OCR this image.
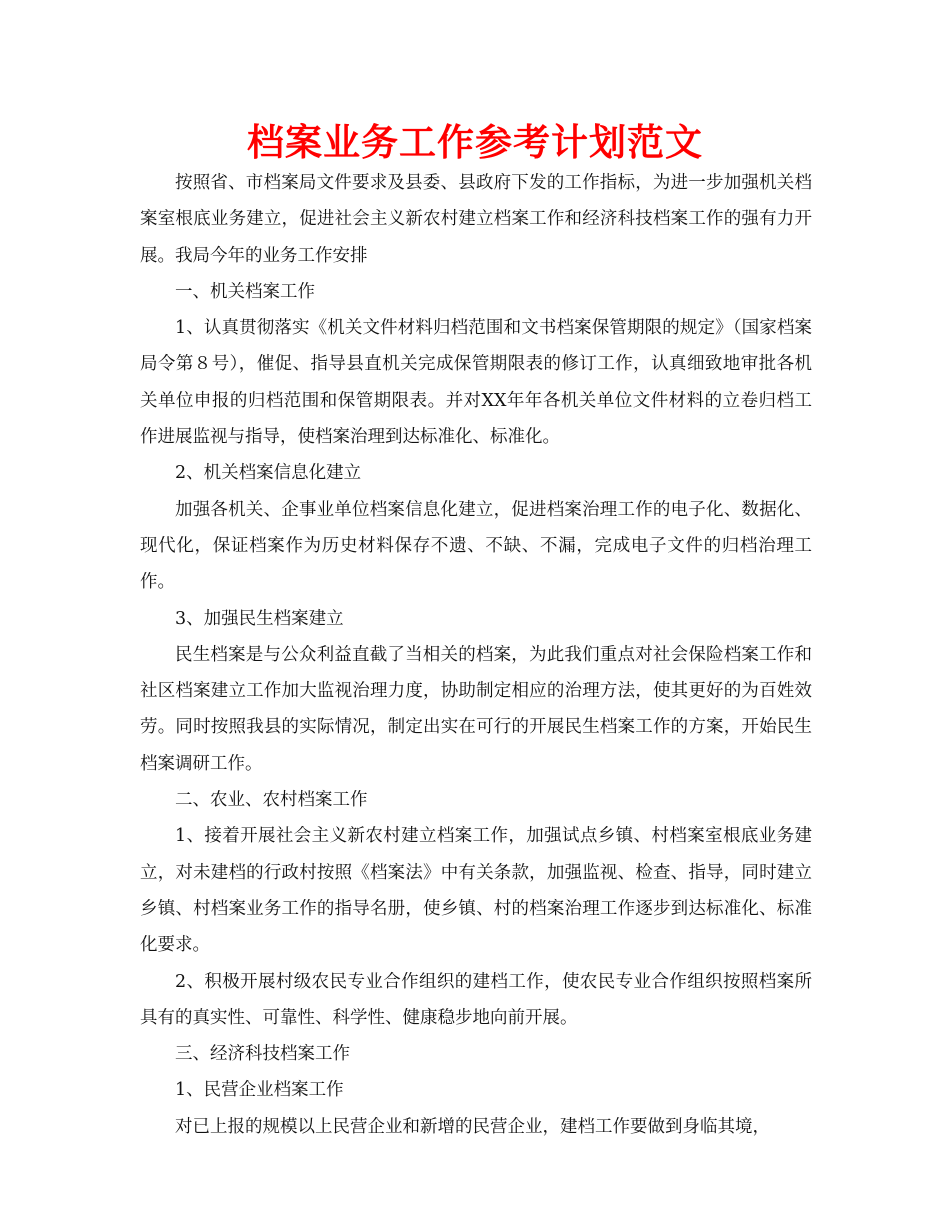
档案业务工作参考计划范文

按照省、市档案局文件要求及县委、县政府下发的工作指标，为进一步加强机关档案室根底业务建立，促进社会主义新农村建立档案工作和经济科技档案工作的强有力开展。我局今年的业务工作安排

一、机关档案工作

1、认真贯彻落实《机关文件材料归档范围和文书档案保管期限的规定》（国家档案局令第８号），催促、指导县直机关完成保管期限表的修订工作，认真细致地审批各机关单位申报的归档范围和保管期限表。并对XX年年各机关单位文件材料的立卷归档工作进展监视与指导，使档案治理到达标准化、标准化。

2、机关档案信息化建立

加强各机关、企事业单位档案信息化建立，促进档案治理工作的电子化、数据化、现代化，保证档案作为历史材料保存不遗、不缺、不漏，完成电子文件的归档治理工作。

3、加强民生档案建立

民生档案是与公众利益直截了当相关的档案，为此我们重点对社会保险档案工作和社区档案建立工作加大监视治理力度，协助制定相应的治理方法，使其更好的为百姓效劳。同时按照我县的实际情况，制定出实在可行的开展民生档案工作的方案，开始民生档案调研工作。

二、农业、农村档案工作

1、接着开展社会主义新农村建立档案工作，加强试点乡镇、村档案室根底业务建立，对未建档的行政村按照《档案法》中有关条款，加强监视、检查、指导，同时建立乡镇、村档案业务工作的指导名册，使乡镇、村的档案治理工作逐步到达标准化、标准化要求。

2、积极开展村级农民专业合作组织的建档工作，使农民专业合作组织按照档案所具有的真实性、可靠性、科学性、健康稳步地向前开展。

三、经济科技档案工作

1、民营企业档案工作

对已上报的规模以上民营企业和新增的民营企业，建档工作要做到身临其境，
